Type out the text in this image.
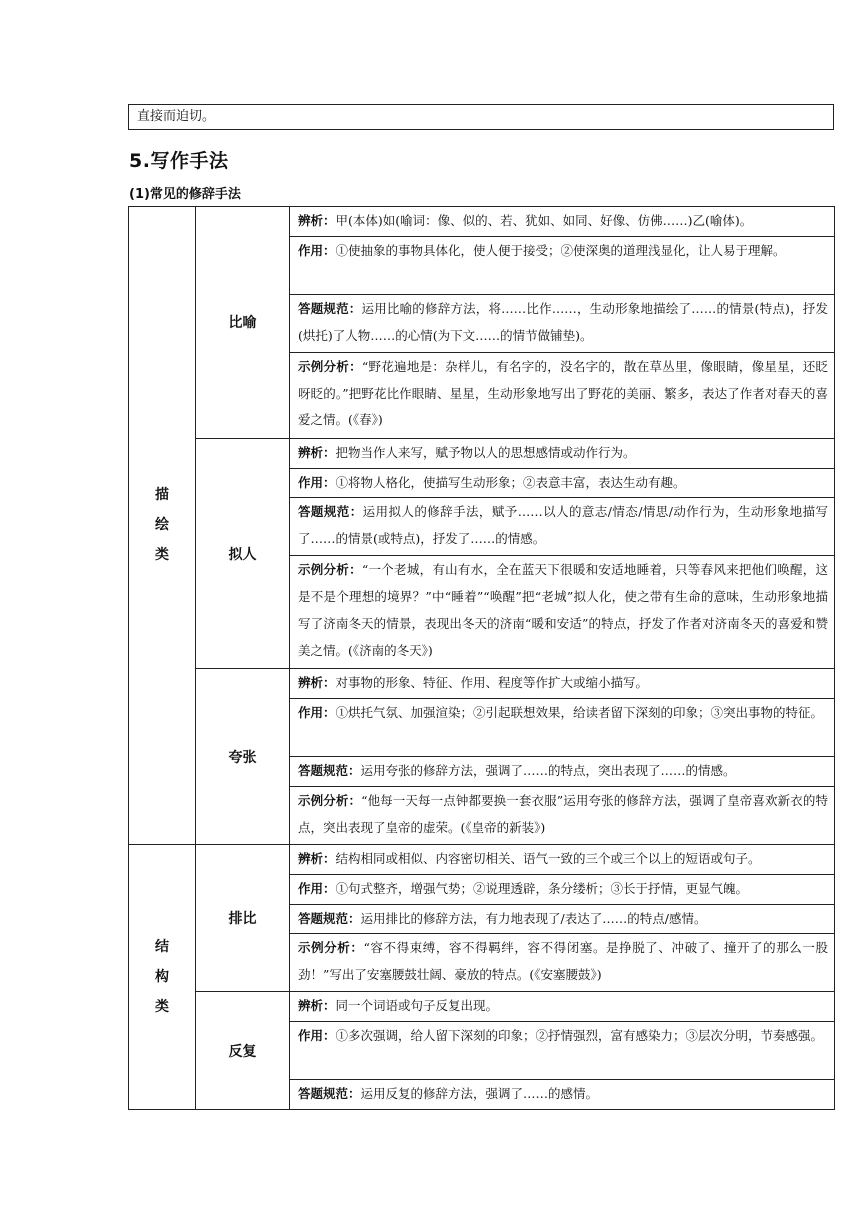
直接而迫切。
5.写作手法
(1)常见的修辞手法
描
绘
类	比喻	辨析：甲(本体)如(喻词：像、似的、若、犹如、如同、好像、仿佛……)乙(喻体)。
		作用：①使抽象的事物具体化，使人便于接受；②使深奥的道理浅显化，让人易于理解。
		答题规范：运用比喻的修辞方法，将……比作……，生动形象地描绘了……的情景(特点)，抒发(烘托)了人物……的心情(为下文……的情节做铺垫)。
		示例分析：“野花遍地是：杂样儿，有名字的，没名字的，散在草丛里，像眼睛，像星星，还眨呀眨的。”把野花比作眼睛、星星，生动形象地写出了野花的美丽、繁多，表达了作者对春天的喜爱之情。(《春》)
	拟人	辨析：把物当作人来写，赋予物以人的思想感情或动作行为。
		作用：①将物人格化，使描写生动形象；②表意丰富，表达生动有趣。
		答题规范：运用拟人的修辞手法，赋予……以人的意志/情态/情思/动作行为，生动形象地描写了……的情景(或特点)，抒发了……的情感。
		示例分析：“一个老城，有山有水，全在蓝天下很暖和安适地睡着，只等春风来把他们唤醒，这是不是个理想的境界？”中“睡着”“唤醒”把“老城”拟人化，使之带有生命的意味，生动形象地描写了济南冬天的情景，表现出冬天的济南“暖和安适”的特点，抒发了作者对济南冬天的喜爱和赞美之情。(《济南的冬天》)
	夸张	辨析：对事物的形象、特征、作用、程度等作扩大或缩小描写。
		作用：①烘托气氛、加强渲染；②引起联想效果，给读者留下深刻的印象；③突出事物的特征。
		答题规范：运用夸张的修辞方法，强调了……的特点，突出表现了……的情感。
		示例分析：“他每一天每一点钟都要换一套衣服”运用夸张的修辞方法，强调了皇帝喜欢新衣的特点，突出表现了皇帝的虚荣。(《皇帝的新装》)
结
构
类	排比	辨析：结构相同或相似、内容密切相关、语气一致的三个或三个以上的短语或句子。
		作用：①句式整齐，增强气势；②说理透辟，条分缕析；③长于抒情，更显气魄。
		答题规范：运用排比的修辞方法，有力地表现了/表达了……的特点/感情。
		示例分析：“容不得束缚，容不得羁绊，容不得闭塞。是挣脱了、冲破了、撞开了的那么一股劲！”写出了安塞腰鼓壮阔、豪放的特点。(《安塞腰鼓》)
	反复	辨析：同一个词语或句子反复出现。
		作用：①多次强调，给人留下深刻的印象；②抒情强烈，富有感染力；③层次分明，节奏感强。
		答题规范：运用反复的修辞方法，强调了……的感情。
